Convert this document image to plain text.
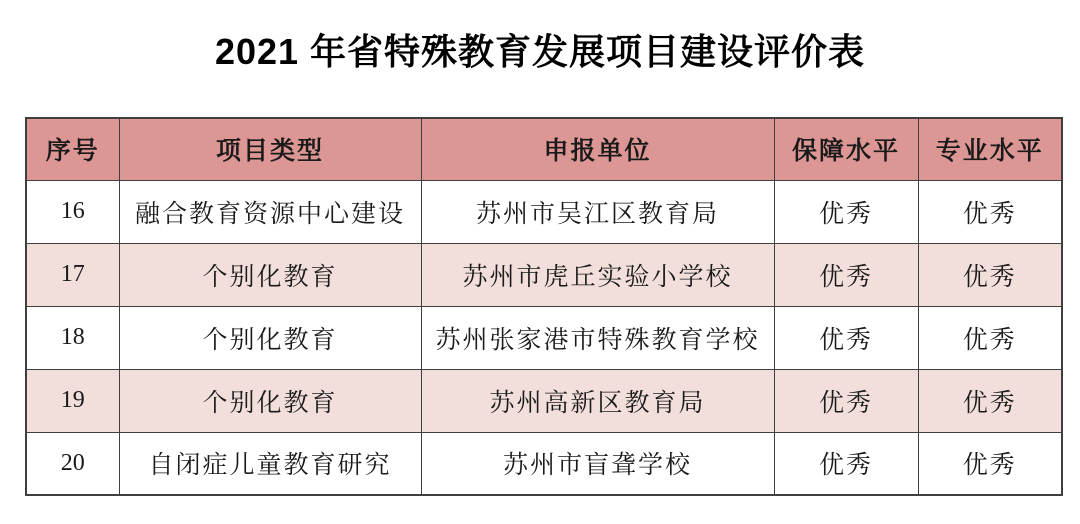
2021 年省特殊教育发展项目建设评价表
序号	项目类型	申报单位	保障水平	专业水平
16	融合教育资源中心建设	苏州市吴江区教育局	优秀	优秀
17	个别化教育	苏州市虎丘实验小学校	优秀	优秀
18	个别化教育	苏州张家港市特殊教育学校	优秀	优秀
19	个别化教育	苏州高新区教育局	优秀	优秀
20	自闭症儿童教育研究	苏州市盲聋学校	优秀	优秀
